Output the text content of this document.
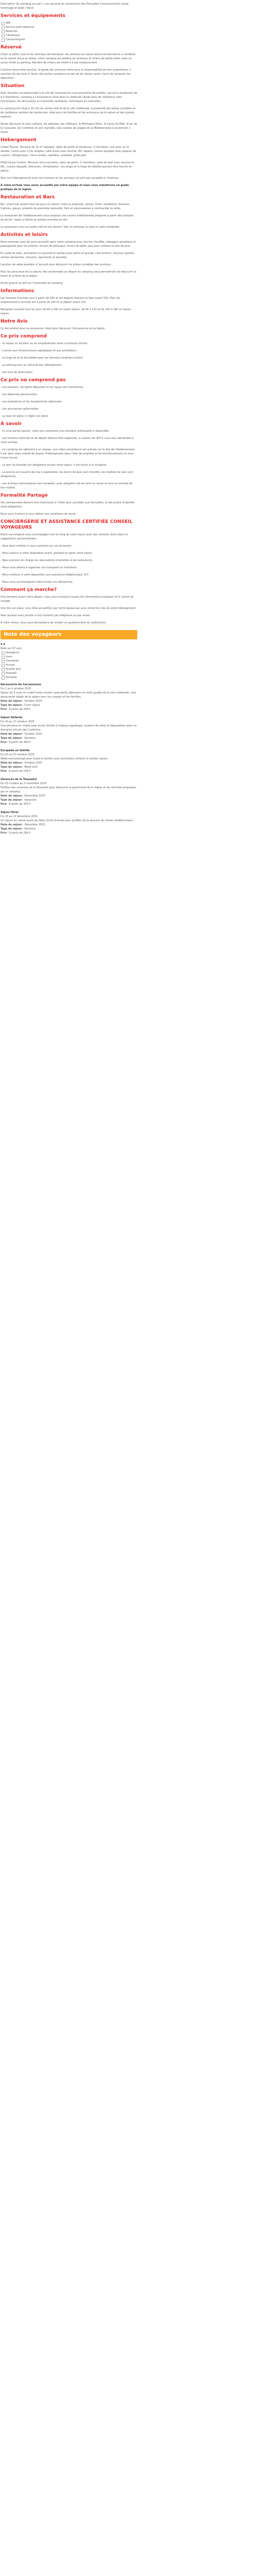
Description du camping accueil > Les services et commercial des Portuallier Carcassonne/Le camp hommage et bolet / Rond
Services et équipements
Wifi
Service petit déjeuner
Réserves
Climatiseur
Caravaningues
Réservé

Chien et petits sous et les animaux domestiques: les animaux en laisse seront les bienvenus a condition qu'ils soient tenus en laisse, notre camping accueillera les animaux et chiens de petite taille, avec un accès limité au parking. Nombre de chiens est limité à 2 par emplacement.

L'animal devra être vacciné, la garde des animaux reste sous la responsabilité de leur propriétaire, il convient de les tenir à l'écart des autres campeurs et pas de les laisser seuls; merci de ramasser les déjections.

Situation

Avec situation exceptionnelle à la cité de Carcassonne vous permettra de profiter, qui est à seulement de 4,2 kilomètres, camping à Carcassonne situé dans la vallée de l'Aude avec de nombreux sites touristiques, de découverte et d'activités nautiques, historiques et culturelles.

Le camping est situé à 10 min du centre-ville et de la cité médiévale, à proximité des pistes cyclables et de nombreux sentiers de randonnée, idéal pour les familles et les amoureux de la nature et des grands espaces.

Venez découvrir le pays cathare, les abbayes, les châteaux, la Montagne Noire, le Canal du Midi, le lac de la Cavayère, les Corbières et son vignoble, sans oublier les plages de la Méditerranée à seulement 1 heure.

Hébergement

Chalet Tourist: Terrasse de 15 m² équipée, salon de jardin et barbecue. 2 chambres, une avec un lit double, l'autre avec 2 lits simples, salle d'eau avec douche, WC séparé, cuisine équipée avec plaques de cuisson, réfrigérateur, micro-ondes, cafetière, vaisselle, grille-pain.

Mobil-home Confort: Terrasse semi-couverte, salon de jardin, 2 chambres, salle de bain avec douche et WC, cuisine équipée, télévision, climatisation. Les draps et le linge de toilette peuvent être fournis en option.

Tous nos hébergements sont non-fumeurs et les animaux ne sont pas acceptés à l'intérieur.

À votre arrivée vous serez accueillis par notre équipe et nous vous remettrons un guide pratique de la région.

Restauration et Bars

Bar, snack-bar ouvert tous les jours en saison, menu à emporter, pizzas, frites, sandwichs, boissons fraîches, glaces, produits de première nécessité. Pain et viennoiseries à commander la veille.

Le restaurant de l'établissement vous propose une cuisine traditionnelle préparée à partir des produits du terroir, repas à thème et soirées animées en été.

Le restaurant vous accueille midi et soir durant l'été, en terrasse ou dans la salle climatisée.

Activités et loisirs

Nous sommes ravis de vous accueillir dans notre camping avec piscine chauffée, toboggan aquatique et pataugeoire pour les enfants, terrain de pétanque, tennis de table, jeux pour enfants et aire de jeux.

En juillet et août, animations en journée et soirées pour petits et grands: club enfants, tournois sportifs, soirées dansantes, concerts, spectacles et karaoké.

Location de vélos possible à l'accueil pour découvrir les pistes cyclables des environs.

Pour les amoureux de la nature, des randonnées au départ du camping vous permettront de découvrir la faune et la flore de la région.

Accès gratuit au wifi sur l'ensemble du camping.

Informations

Les horaires d'arrivée sont à partir de 16h et les départs doivent se faire avant 10h. Pour les emplacements l'arrivée est à partir de 14h et le départ avant 12h.

Réception ouverte tous les jours de 8h à 20h en haute saison, de 9h à 12h et de 14h à 18h en basse saison.

Notre Avis

Un bel endroit pour se ressourcer, idéal pour découvrir Carcassonne et sa région.

Ce prix comprend

- Le séjour en location ou en emplacement selon la formule choisie

- L'accès aux infrastructures aquatiques et aux animations

- Le linge de lit et de toilette pour les formules locatives confort

- Le parking pour un véhicule par hébergement

- Les frais de réservation

Ce prix ne comprend pas

- Les boissons, les petits déjeuners et les repas non mentionnés

- Les dépenses personnelles

- Les prestations et les équipements optionnels

- Les assurances optionnelles

- La taxe de séjour à régler sur place

À savoir

- Si vous partez seul(e), votre prix comprend une chambre individuelle si disponible.

- Les horaires d'arrivée et de départ doivent être respectés, la caution de 300 € vous sera demandée à votre arrivée.

- Ce camping est adhérent à un réseau, une vidéo surveillance est activée sur le site de l'établissement, il est dans votre intérêt de laisser l'hébergement dans l'état de propreté et de fonctionnement où vous l'avez trouvé.

- Le port du bracelet est obligatoire durant votre séjour; il est fourni à la réception.

- La piscine est ouverte de mai à septembre, les shorts de bain sont interdits, les maillots de bain sont obligatoires.

- Les animaux domestiques sont acceptés, avec obligation de les tenir en laisse et sous le contrôle de leur maître.

Formalité Partagé

Vos coordonnées doivent être transmises à l'hôtel pour procéder aux formalités, le document d'identité reste obligatoire.

Nous vous invitons à vous référer aux conditions de vente.

CONCIERGERIE ET ASSISTANCE CERTIFIÉE CONSEIL VOYAGEURS

Notre conciergerie vous accompagne tout au long de votre séjour pour des conseils, bons plans et suggestions personnalisées.

- Vous êtes invité(e) à nous contacter en cas de besoin.

- Nous restons à votre disposition avant, pendant et après votre séjour.

- Nous prenons en charge les réservations d'activités et de restaurants.

- Nous vous aidons à organiser vos transports et transferts.

- Nous mettons à votre disposition une assistance téléphonique 7j/7.

- Nous vous accompagnons dans toutes vos démarches.

Comment ça marche?

Une semaine avant votre départ, nous vous envoyons toutes les informations pratiques et le carnet de voyage.

Une fois sur place, vous êtes accueilli(e) par notre équipe qui vous remet les clés de votre hébergement.

Vous pouvez nous joindre à tout moment par téléphone ou par email.

À votre retour, nous vous demandons de remplir un questionnaire de satisfaction.

Note des voyageurs
5.4
Noté sur 67 avis
Voyageurs
Liens
Chambres
Accueil
Qualité prix
Propreté
Situation
Découverte de Carcassonne
Du 1 au 4 octobre 2025
Séjour de 3 nuits en mobil-home confort avec petits déjeuners et visite guidée de la cité médiévale. Une découverte idéale de la région pour les couples et les familles.
Date de séjour: Octobre 2025
Type de séjour: Court séjour
Prix: À partir de 249 €
Séjour Détente
Du 10 au 17 octobre 2025
Une semaine en chalet avec accès illimité à l'espace aquatique, location de vélos et dégustation dans un domaine viticole des Corbières.
Date de séjour: Octobre 2025
Type de séjour: Semaine
Prix: À partir de 499 €
Escapade en famille
Du 20 au 23 octobre 2025
Week-end prolongé pour toute la famille avec animations enfants et sorties nature.
Date de séjour: Octobre 2025
Type de séjour: Week-end
Prix: À partir de 199 €
Vacances de la Toussaint
Du 25 octobre au 2 novembre 2025
Profitez des vacances de la Toussaint pour découvrir le patrimoine de la région et les activités proposées par le camping.
Date de séjour: Novembre 2025
Type de séjour: Vacances
Prix: À partir de 349 €
Séjour Hiver
Du 15 au 22 décembre 2025
Un séjour au calme avant les fêtes de fin d'année pour profiter de la douceur du climat méditerranéen.
Date de séjour: Décembre 2025
Type de séjour: Semaine
Prix: À partir de 299 €
